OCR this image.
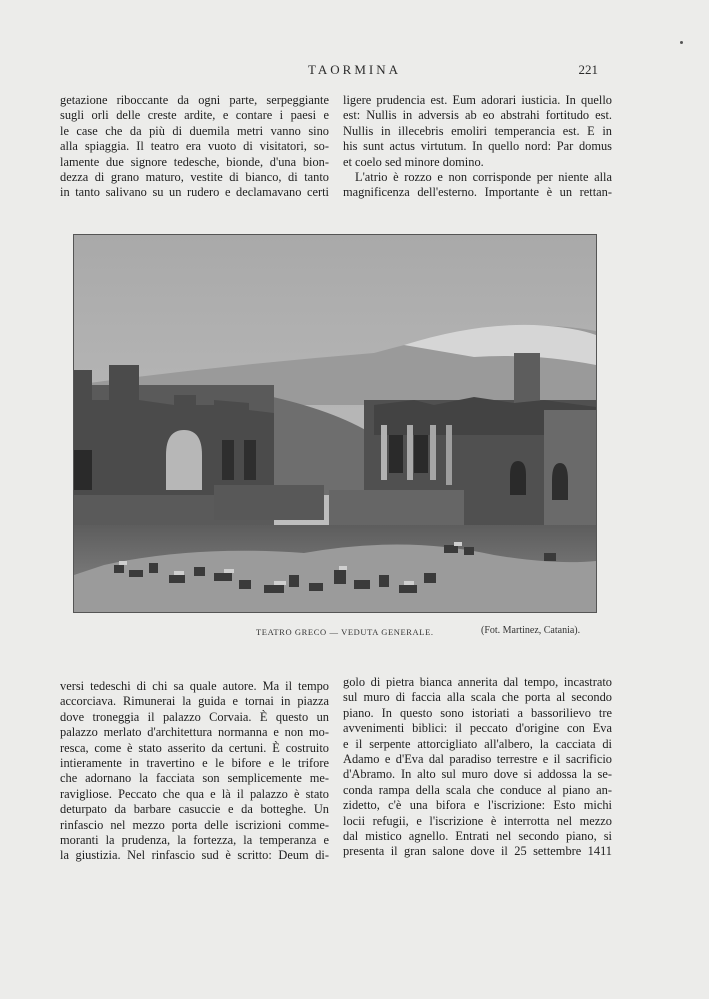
TAORMINA	221
getazione riboccante da ogni parte, serpeggiante
sugli orli delle creste ardite, e contare i paesi e
le case che da più di duemila metri vanno sino
alla spiaggia. Il teatro era vuoto di visitatori, so-
lamente due signore tedesche, bionde, d'una bion-
dezza di grano maturo, vestite di bianco, di tanto
in tanto salivano su un rudero e declamavano certi
ligere prudencia est. Eum adorari iusticia. In quello
est: Nullis in adversis ab eo abstrahi fortitudo est.
Nullis in illecebris emoliri temperancia est. E in
his sunt actus virtutum. In quello nord: Par domus
et coelo sed minore domino.
L'atrio è rozzo e non corrisponde per niente alla
magnificenza dell'esterno. Importante è un rettan-
TEATRO GRECO — VEDUTA GENERALE.	(Fot. Martinez, Catania).
versi tedeschi di chi sa quale autore. Ma il tempo
accorciava. Rimunerai la guida e tornai in piazza
dove troneggia il palazzo Corvaia. È questo un
palazzo merlato d'architettura normanna e non mo-
resca, come è stato asserito da certuni. È costruito
intieramente in travertino e le bifore e le trifore
che adornano la facciata son semplicemente me-
ravigliose. Peccato che qua e là il palazzo è stato
deturpato da barbare casuccie e da botteghe. Un
rinfascio nel mezzo porta delle iscrizioni comme-
moranti la prudenza, la fortezza, la temperanza e
la giustizia. Nel rinfascio sud è scritto: Deum di-
golo di pietra bianca annerita dal tempo, incastrato
sul muro di faccia alla scala che porta al secondo
piano. In questo sono istoriati a bassorilievo tre
avvenimenti biblici: il peccato d'origine con Eva
e il serpente attorcigliato all'albero, la cacciata di
Adamo e d'Eva dal paradiso terrestre e il sacrificio
d'Abramo. In alto sul muro dove si addossa la se-
conda rampa della scala che conduce al piano an-
zidetto, c'è una bifora e l'iscrizione: Esto michi
locii refugii, e l'iscrizione è interrotta nel mezzo
dal mistico agnello. Entrati nel secondo piano, si
presenta il gran salone dove il 25 settembre 1411
